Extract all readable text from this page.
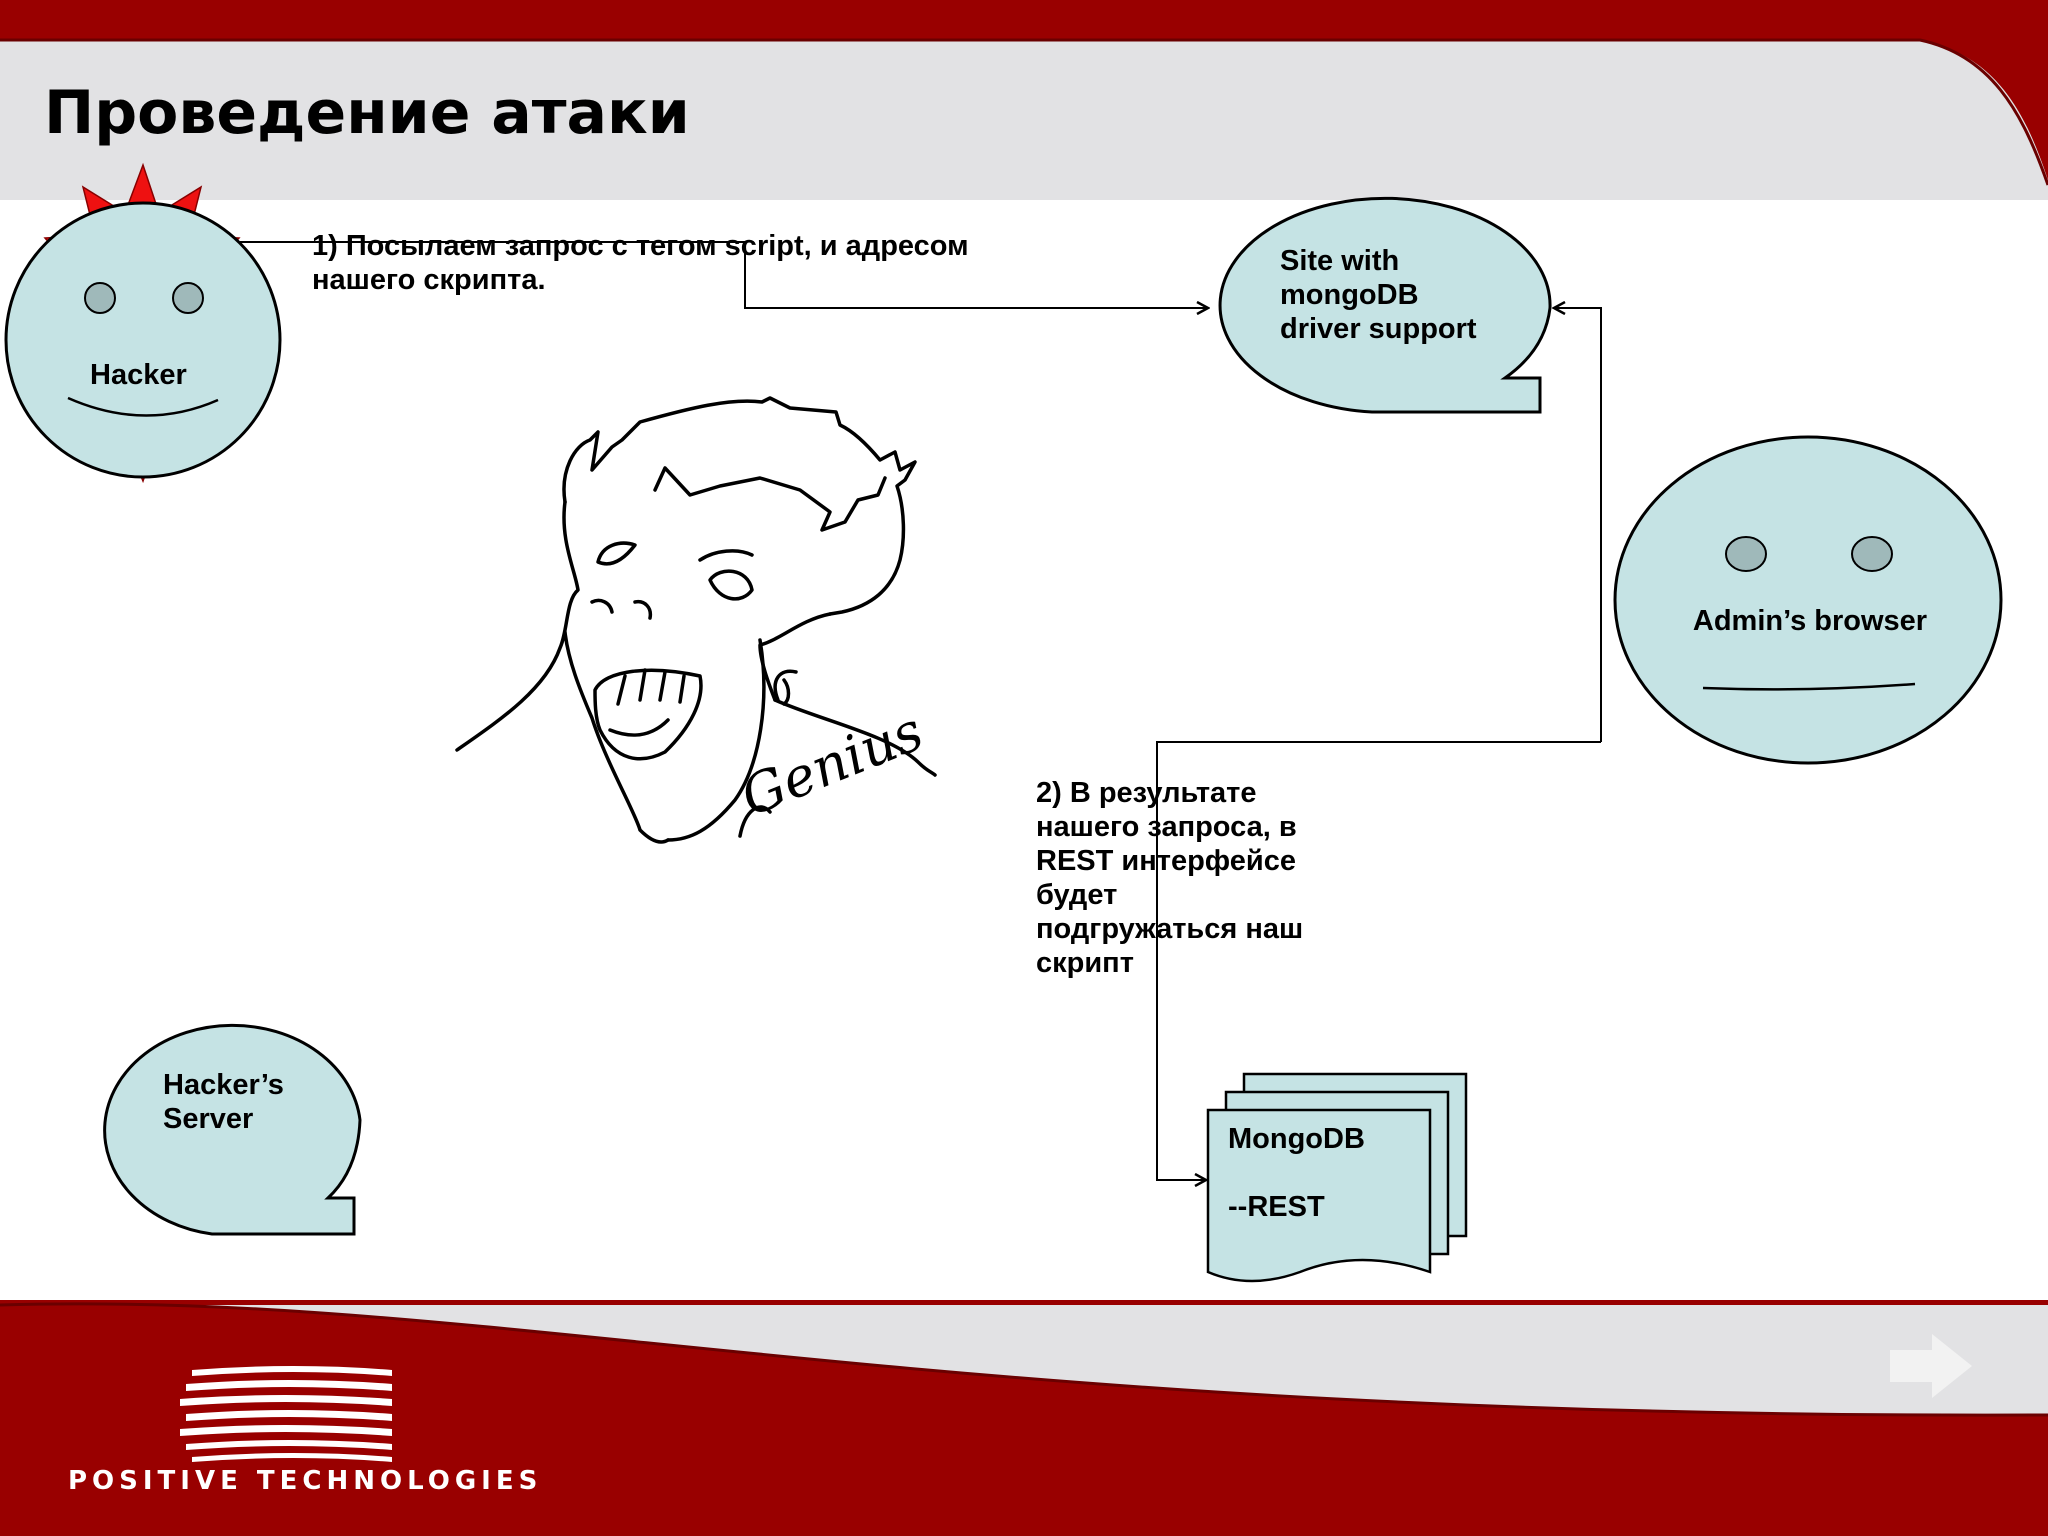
Проведение атаки
1) Посылаем запрос с тегом script, и адресом
нашего скрипта.
2) В результате
нашего запроса, в
REST интерфейсе
будет
подгружаться наш
скрипт
Hacker
Site with
mongoDB
driver support
Admin’s browser
Hacker’s
Server
MongoDB

--REST
Genius
POSITIVE TECHNOLOGIES
